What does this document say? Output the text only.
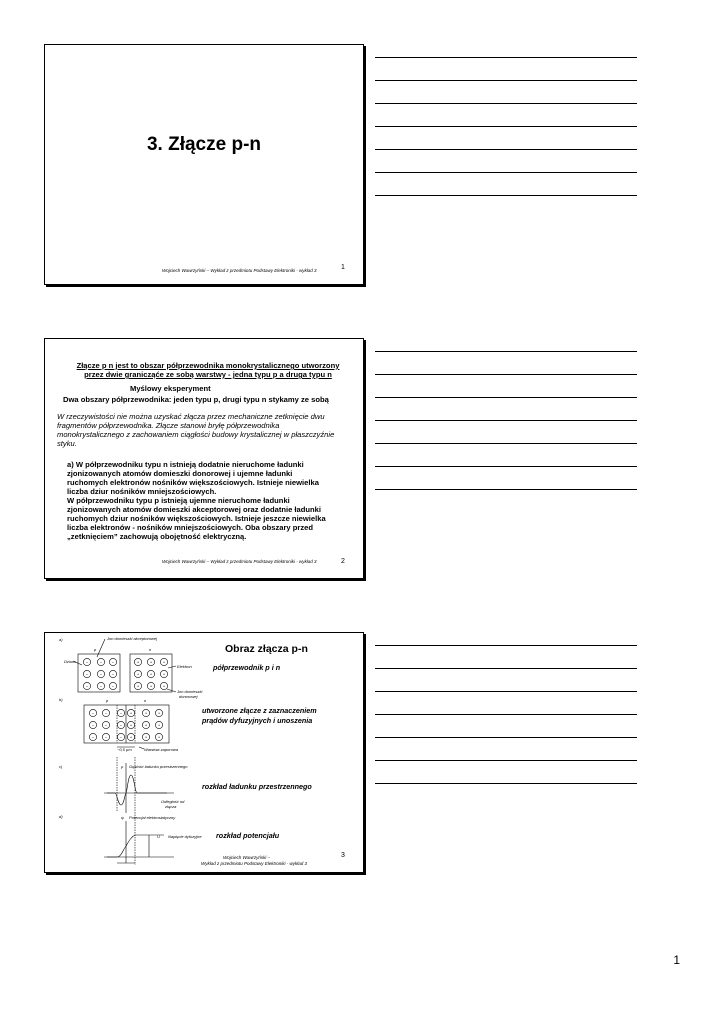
3. Złącze p-n
Wojciech Wawrzyński – Wykład z przedmiotu Podstawy Elektroniki - wykład 3	1
Złącze p n jest to obszar półprzewodnika monokrystalicznego utworzony
przez dwie granicząće ze sobą warstwy - jedna typu p a druga typu n
Myślowy eksperyment
Dwa obszary półprzewodnika: jeden typu p, drugi typu n stykamy ze sobą
W rzeczywistości nie można uzyskać złącza przez mechaniczne zetknięcie dwu
fragmentów półprzewodnika. Złącze stanowi bryłę półprzewodnika
monokrystalicznego z zachowaniem ciągłości budowy krystalicznej w płaszczyźnie
styku.
a) W półprzewodniku typu n istnieją dodatnie nieruchome ładunki
zjonizowanych atomów domieszki donorowej i ujemne ładunki
ruchomych elektronów nośników większościowych. Istnieje niewielka
liczba dziur nośników mniejszościowych.
W półprzewodniku typu p istnieją ujemne nieruchome ładunki
zjonizowanych atomów domieszki akceptorowej oraz dodatnie ładunki
ruchomych dziur nośników większościowych. Istnieje jeszcze niewielka
liczba elektronów - nośników mniejszościowych. Oba obszary przed
„zetknięciem” zachowują obojętność elektryczną.
Wojciech Wawrzyński – Wykład z przedmiotu Podstawy Elektroniki - wykład 3	2
Obraz złącza p-n
półprzewodnik p i n
utworzone złącze z zaznaczeniem
prądów dyfuzyjnych i unoszenia
rozkład ładunku przestrzennego
rozkład potencjału
a)	Jon domieszki akceptorowej
p	n
Dziura
Elektron
Jon domieszki
donorowej
b)	p	n
~0,5 µm	Warstwa zaporowa
c)	ρ Gęstość ładunku przestrzennego
Odległość od
złącza
d)	ψ Potencjał elektrostatyczny
U Napięcie dyfuzyjne
−	− −
−	− −
−	− −
+	+	+
+	+	+
+	+	+
−	−	−
−	−	−
−	−	−
+	+	+
+	+	+
+	+	+
Wojciech Wawrzyński –
Wykład z przedmiotu Podstawy Elektroniki - wykład 3
3
1
